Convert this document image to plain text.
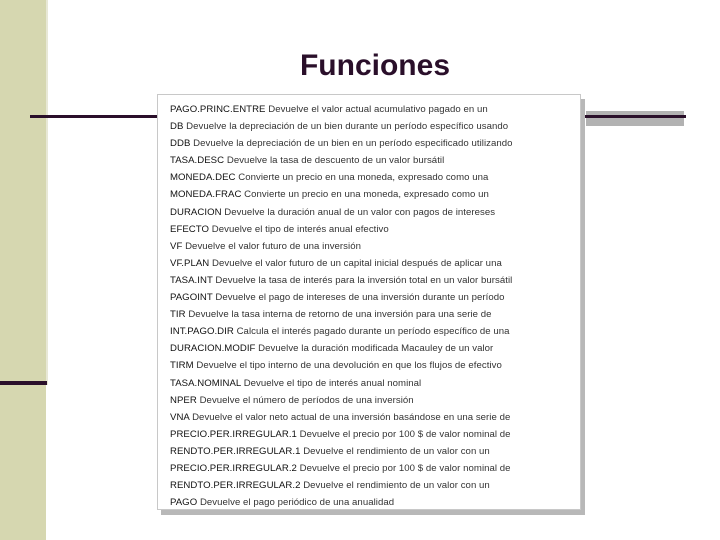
Funciones
PAGO.PRINC.ENTRE Devuelve el valor actual acumulativo pagado en un
DB Devuelve la depreciación de un bien durante un período específico usando
DDB Devuelve la depreciación de un bien en un período especificado utilizando
TASA.DESC Devuelve la tasa de descuento de un valor bursátil
MONEDA.DEC Convierte un precio en una moneda, expresado como una
MONEDA.FRAC Convierte un precio en una moneda, expresado como un
DURACION Devuelve la duración anual de un valor con pagos de intereses
EFECTO Devuelve el tipo de interés anual efectivo
VF Devuelve el valor futuro de una inversión
VF.PLAN Devuelve el valor futuro de un capital inicial después de aplicar una
TASA.INT Devuelve la tasa de interés para la inversión total en un valor bursátil
PAGOINT Devuelve el pago de intereses de una inversión durante un período
TIR Devuelve la tasa interna de retorno de una inversión para una serie de
INT.PAGO.DIR Calcula el interés pagado durante un período específico de una
DURACION.MODIF Devuelve la duración modificada Macauley de un valor
TIRM Devuelve el tipo interno de una devolución en que los flujos de efectivo
TASA.NOMINAL Devuelve el tipo de interés anual nominal
NPER Devuelve el número de períodos de una inversión
VNA Devuelve el valor neto actual de una inversión basándose en una serie de
PRECIO.PER.IRREGULAR.1 Devuelve el precio por 100 $ de valor nominal de
RENDTO.PER.IRREGULAR.1 Devuelve el rendimiento de un valor con un
PRECIO.PER.IRREGULAR.2 Devuelve el precio por 100 $ de valor nominal de
RENDTO.PER.IRREGULAR.2 Devuelve el rendimiento de un valor con un
PAGO Devuelve el pago periódico de una anualidad
